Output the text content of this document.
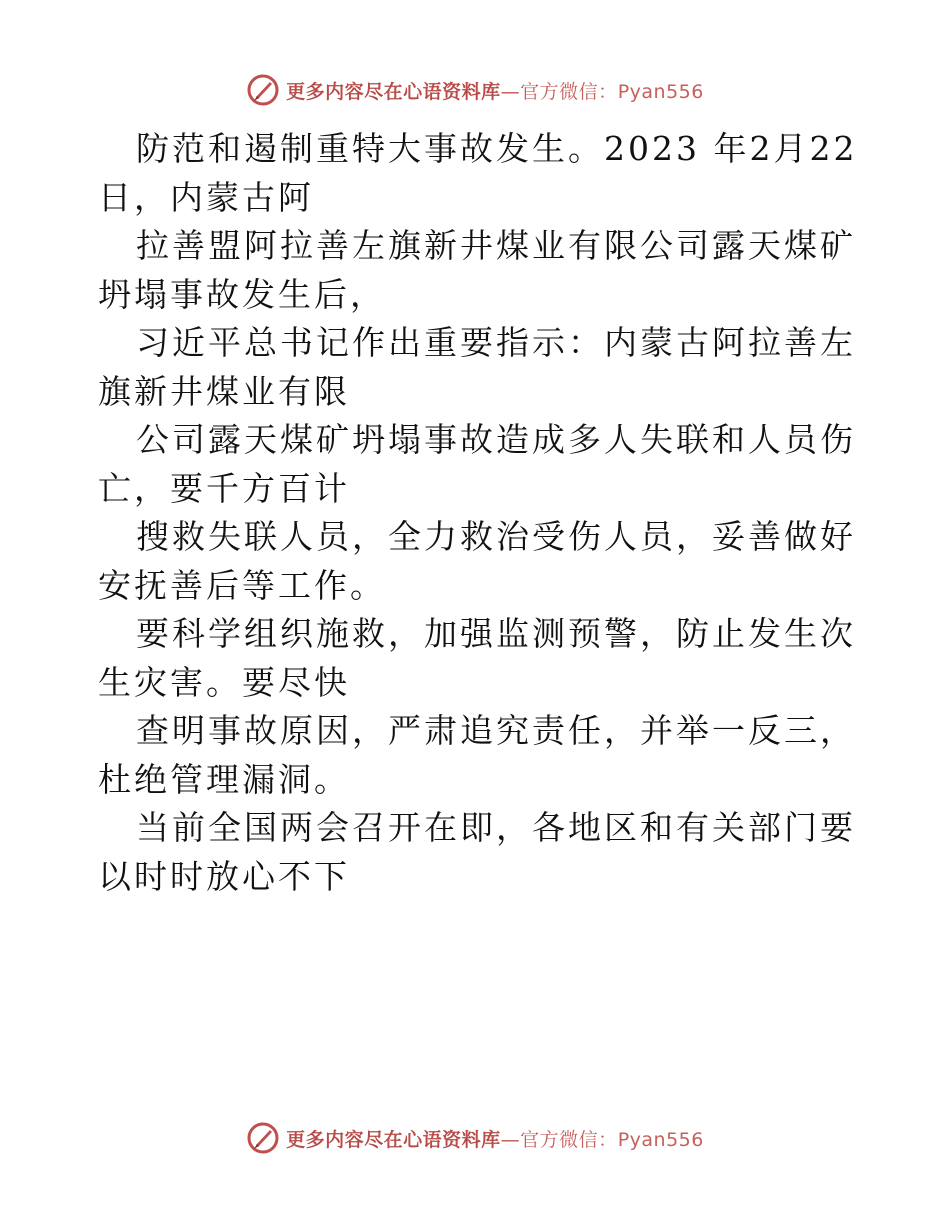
更多内容尽在心语资料库—官方微信：Pyan556

防范和遏制重特大事故发生。2023 年2月22日，内蒙古阿

拉善盟阿拉善左旗新井煤业有限公司露天煤矿坍塌事故发生后，

习近平总书记作出重要指示：内蒙古阿拉善左旗新井煤业有限

公司露天煤矿坍塌事故造成多人失联和人员伤亡，要千方百计

搜救失联人员，全力救治受伤人员，妥善做好安抚善后等工作。

要科学组织施救，加强监测预警，防止发生次生灾害。要尽快

查明事故原因，严肃追究责任，并举一反三，杜绝管理漏洞。

当前全国两会召开在即，各地区和有关部门要以时时放心不下

更多内容尽在心语资料库—官方微信：Pyan556
